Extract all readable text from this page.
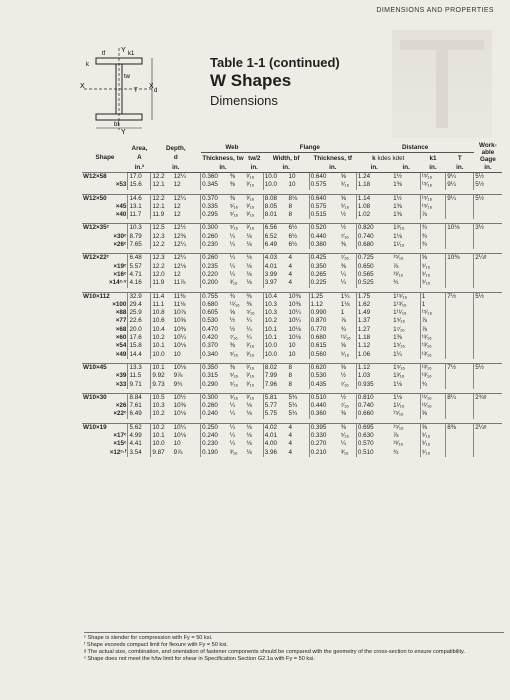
DIMENSIONS AND PROPERTIES
X	X
Y
Y
tw
bf
d
T
tf
k
k1
Table 1-1 (continued)
W Shapes
Dimensions
Shape	Area,
A	Depth,
d		Web			Flange				Distance				Work-able Gage
				Thickness, tw		tw/2	Width, bf		Thickness, tf		k kdes kdet		k1	T	
	in.²	in.		in.		in.	in.		in.		in.	in.	in.	in.	in.
W12×58	17.0	12.2	12¼	0.360	⅜	³⁄₁₆	10.0	10	0.640	⅝	1.24	1½	¹⁵⁄₁₆	9¼	5½
×53	15.6	12.1	12	0.345	⅜	³⁄₁₆	10.0	10	0.575	⁹⁄₁₆	1.18	1⅜	¹⁵⁄₁₆	9¼	5½

W12×50	14.6	12.2	12¼	0.370	⅜	³⁄₁₆	8.08	8⅛	0.640	⅝	1.14	1½	¹⁵⁄₁₆	9¼	5½
×45	13.1	12.1	12	0.335	⁵⁄₁₆	³⁄₁₆	8.05	8	0.575	⁹⁄₁₆	1.08	1⅜	¹⁵⁄₁₆		
×40	11.7	11.9	12	0.295	⁵⁄₁₆	³⁄₁₆	8.01	8	0.515	½	1.02	1⅜	⅞		

W12×35ᶜ	10.3	12.5	12½	0.300	⁵⁄₁₆	³⁄₁₆	6.56	6½	0.520	½	0.820	1³⁄₁₆	¾	10⅛	3½
×30ᶜ	8.79	12.3	12⅜	0.260	¼	⅛	6.52	6½	0.440	⁷⁄₁₆	0.740	1⅛	¾		
×26ᶜ	7.65	12.2	12¼	0.230	¼	⅛	6.49	6½	0.380	⅜	0.680	1¹⁄₁₆	¾		

W12×22ᶜ	6.48	12.3	12¼	0.260	¼	⅛	4.03	4	0.425	⁷⁄₁₆	0.725	¹⁵⁄₁₆	⅝	10⅜	2¼ᵍ
×19ᶜ	5.57	12.2	12⅛	0.235	¼	⅛	4.01	4	0.350	⅜	0.650	⅞	⁹⁄₁₆		
×16ᶜ	4.71	12.0	12	0.220	¼	⅛	3.99	4	0.265	¼	0.565	¹³⁄₁₆	⁹⁄₁₆		
×14ᶜ·ᵛ	4.16	11.9	11⅞	0.200	³⁄₁₆	⅛	3.97	4	0.225	¼	0.525	¾	⁹⁄₁₆		

W10×112	32.9	11.4	11⅜	0.755	¾	⅜	10.4	10⅜	1.25	1¼	1.75	1¹⁵⁄₁₆	1	7½	5½
×100	29.4	11.1	11⅛	0.680	¹¹⁄₁₆	⅜	10.3	10⅜	1.12	1⅛	1.62	1¹³⁄₁₆	1		
×88	25.9	10.8	10⅞	0.605	⅝	⁵⁄₁₆	10.3	10¼	0.990	1	1.49	1¹¹⁄₁₆	¹⁵⁄₁₆		
×77	22.6	10.6	10⅝	0.530	½	¼	10.2	10¼	0.870	⅞	1.37	1⁹⁄₁₆	⅞		
×68	20.0	10.4	10⅜	0.470	½	¼	10.1	10⅛	0.770	¾	1.27	1⁷⁄₁₆	⅞		
×60	17.6	10.2	10¼	0.420	⁷⁄₁₆	¼	10.1	10⅛	0.680	¹¹⁄₁₆	1.18	1⅜	¹³⁄₁₆		
×54	15.8	10.1	10⅛	0.370	⅜	³⁄₁₆	10.0	10	0.615	⅝	1.12	1⁵⁄₁₆	¹³⁄₁₆		
×49	14.4	10.0	10	0.340	⁵⁄₁₆	³⁄₁₆	10.0	10	0.560	⁹⁄₁₆	1.06	1¼	¹³⁄₁₆		

W10×45	13.3	10.1	10⅛	0.350	⅜	³⁄₁₆	8.02	8	0.620	⅝	1.12	1⁵⁄₁₆	¹³⁄₁₆	7½	5½
×39	11.5	9.92	9⅞	0.315	⁵⁄₁₆	³⁄₁₆	7.99	8	0.530	½	1.03	1³⁄₁₆	¹³⁄₁₆		
×33	9.71	9.73	9¾	0.290	⁵⁄₁₆	³⁄₁₆	7.96	8	0.435	⁷⁄₁₆	0.935	1⅛	¾		

W10×30	8.84	10.5	10½	0.300	⁵⁄₁₆	³⁄₁₆	5.81	5¾	0.510	½	0.810	1⅛	¹¹⁄₁₆	8¼	2¾ᵍ
×26	7.61	10.3	10⅜	0.260	¼	⅛	5.77	5¾	0.440	⁷⁄₁₆	0.740	1¹⁄₁₆	¹¹⁄₁₆		
×22ᶜ	6.49	10.2	10⅛	0.240	¼	⅛	5.75	5¾	0.360	⅜	0.660	¹⁵⁄₁₆	⅝		

W10×19	5.62	10.2	10¼	0.250	¼	⅛	4.02	4	0.395	⅜	0.695	¹⁵⁄₁₆	⅝	8⅜	2¼ᵍ
×17ᶜ	4.99	10.1	10⅛	0.240	¼	⅛	4.01	4	0.330	⁵⁄₁₆	0.630	⅞	⁹⁄₁₆		
×15ᶜ	4.41	10.0	10	0.230	¼	⅛	4.00	4	0.270	¼	0.570	¹³⁄₁₆	⁹⁄₁₆		
×12ᶜ·ᶠ	3.54	9.87	9⅞	0.190	³⁄₁₆	⅛	3.96	4	0.210	³⁄₁₆	0.510	¾	⁹⁄₁₆		
ᶜ Shape is slender for compression with Fy = 50 ksi.
ᶠ Shape exceeds compact limit for flexure with Fy = 50 ksi.
ᵍ The actual size, combination, and orientation of fastener components should be compared with the geometry of the cross-section to ensure compatibility.
ᵛ Shape does not meet the h/tw limit for shear in Specification Section G2.1a with Fy = 50 ksi.
